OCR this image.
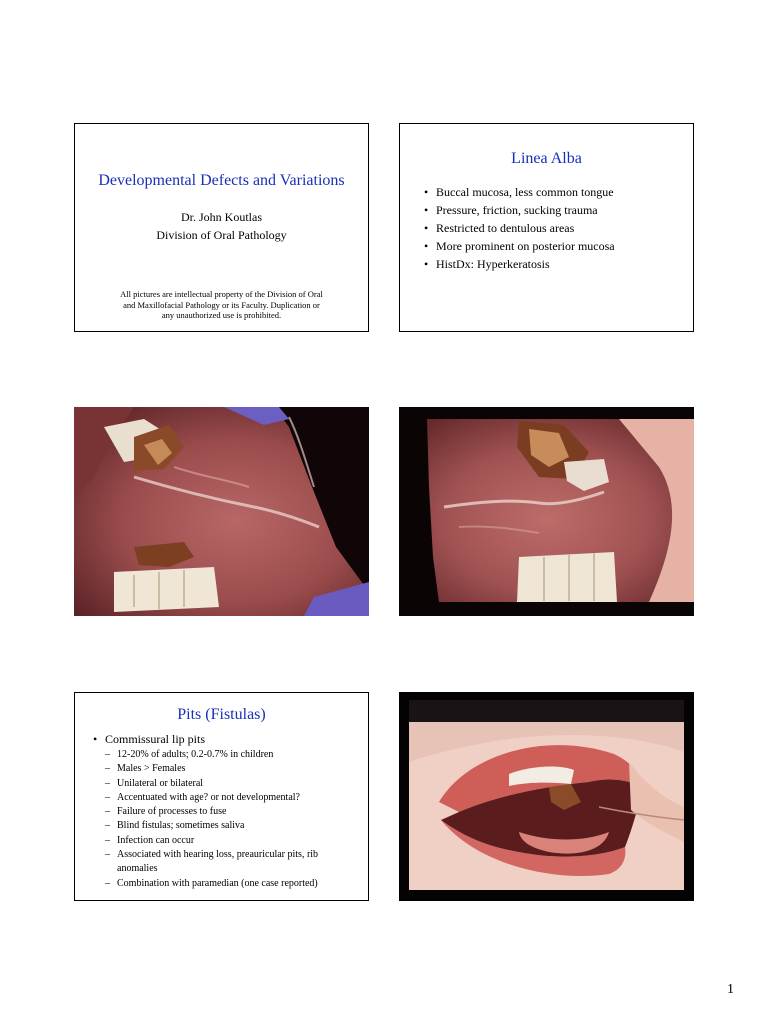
Developmental Defects and Variations
Dr. John Koutlas
Division of Oral Pathology
All pictures are intellectual property of the Division of Oral
and Maxillofacial Pathology or its Faculty. Duplication or
any unauthorized use is prohibited.
Linea Alba
• Buccal mucosa, less common tongue
• Pressure, friction, sucking trauma
• Restricted to dentulous areas
• More prominent on posterior mucosa
• HistDx: Hyperkeratosis
Pits (Fistulas)
• Commissural lip pits
– 12-20% of adults; 0.2-0.7% in children
– Males > Females
– Unilateral or bilateral
– Accentuated with age? or not developmental?
– Failure of processes to fuse
– Blind fistulas; sometimes saliva
– Infection can occur
– Associated with hearing loss, preauricular pits, rib
anomalies
– Combination with paramedian (one case reported)
1
